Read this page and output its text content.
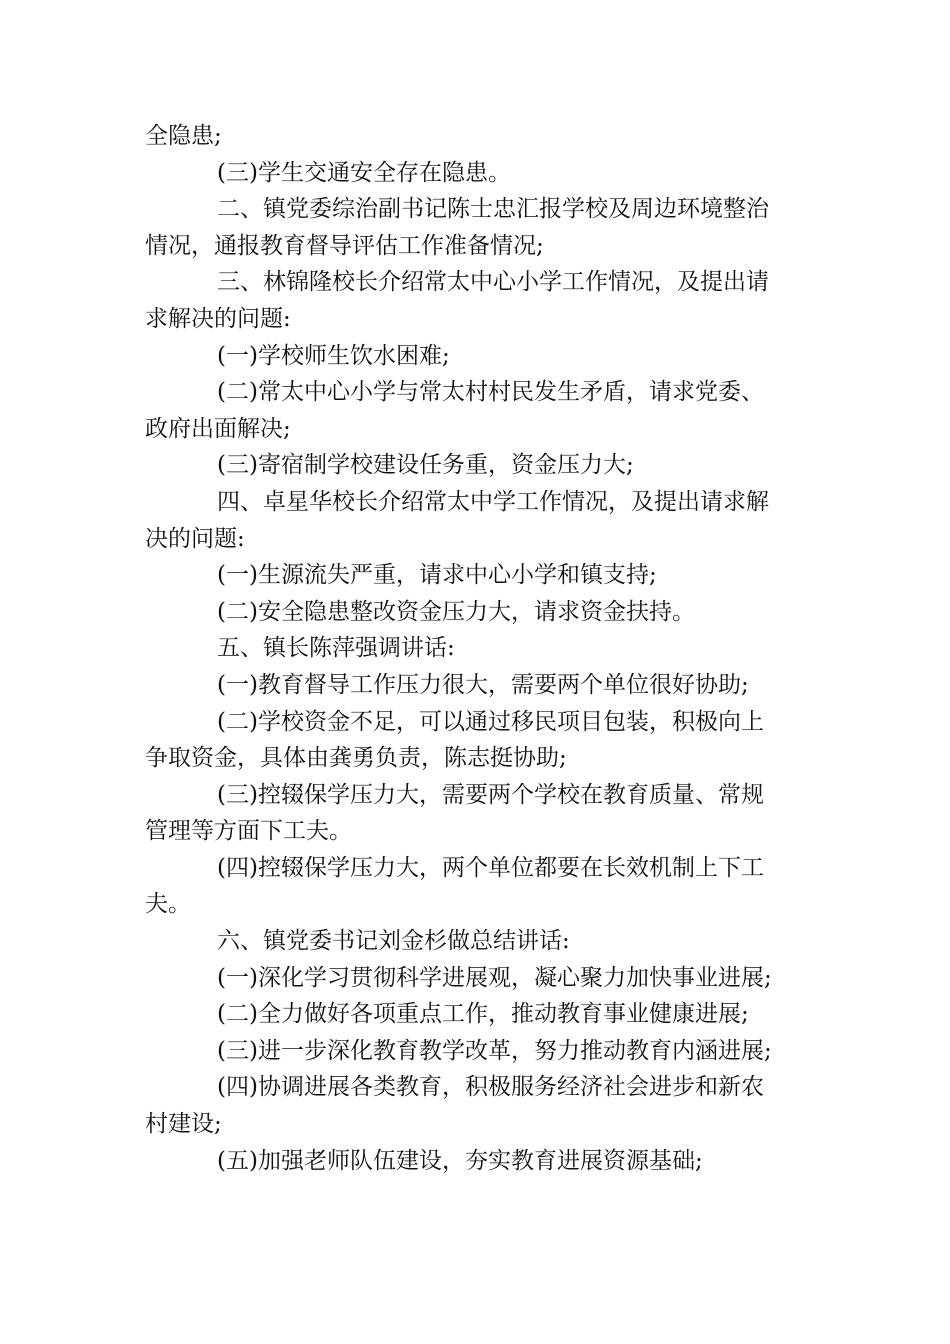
全隐患;
(三)学生交通安全存在隐患。
二、镇党委综治副书记陈士忠汇报学校及周边环境整治
情况，通报教育督导评估工作准备情况;
三、林锦隆校长介绍常太中心小学工作情况，及提出请
求解决的问题:
(一)学校师生饮水困难;
(二)常太中心小学与常太村村民发生矛盾，请求党委、
政府出面解决;
(三)寄宿制学校建设任务重，资金压力大;
四、卓星华校长介绍常太中学工作情况，及提出请求解
决的问题:
(一)生源流失严重，请求中心小学和镇支持;
(二)安全隐患整改资金压力大，请求资金扶持。
五、镇长陈萍强调讲话:
(一)教育督导工作压力很大，需要两个单位很好协助;
(二)学校资金不足，可以通过移民项目包装，积极向上
争取资金，具体由龚勇负责，陈志挺协助;
(三)控辍保学压力大，需要两个学校在教育质量、常规
管理等方面下工夫。
(四)控辍保学压力大，两个单位都要在长效机制上下工
夫。
六、镇党委书记刘金杉做总结讲话:
(一)深化学习贯彻科学进展观，凝心聚力加快事业进展;
(二)全力做好各项重点工作，推动教育事业健康进展;
(三)进一步深化教育教学改革，努力推动教育内涵进展;
(四)协调进展各类教育，积极服务经济社会进步和新农
村建设;
(五)加强老师队伍建设，夯实教育进展资源基础;
